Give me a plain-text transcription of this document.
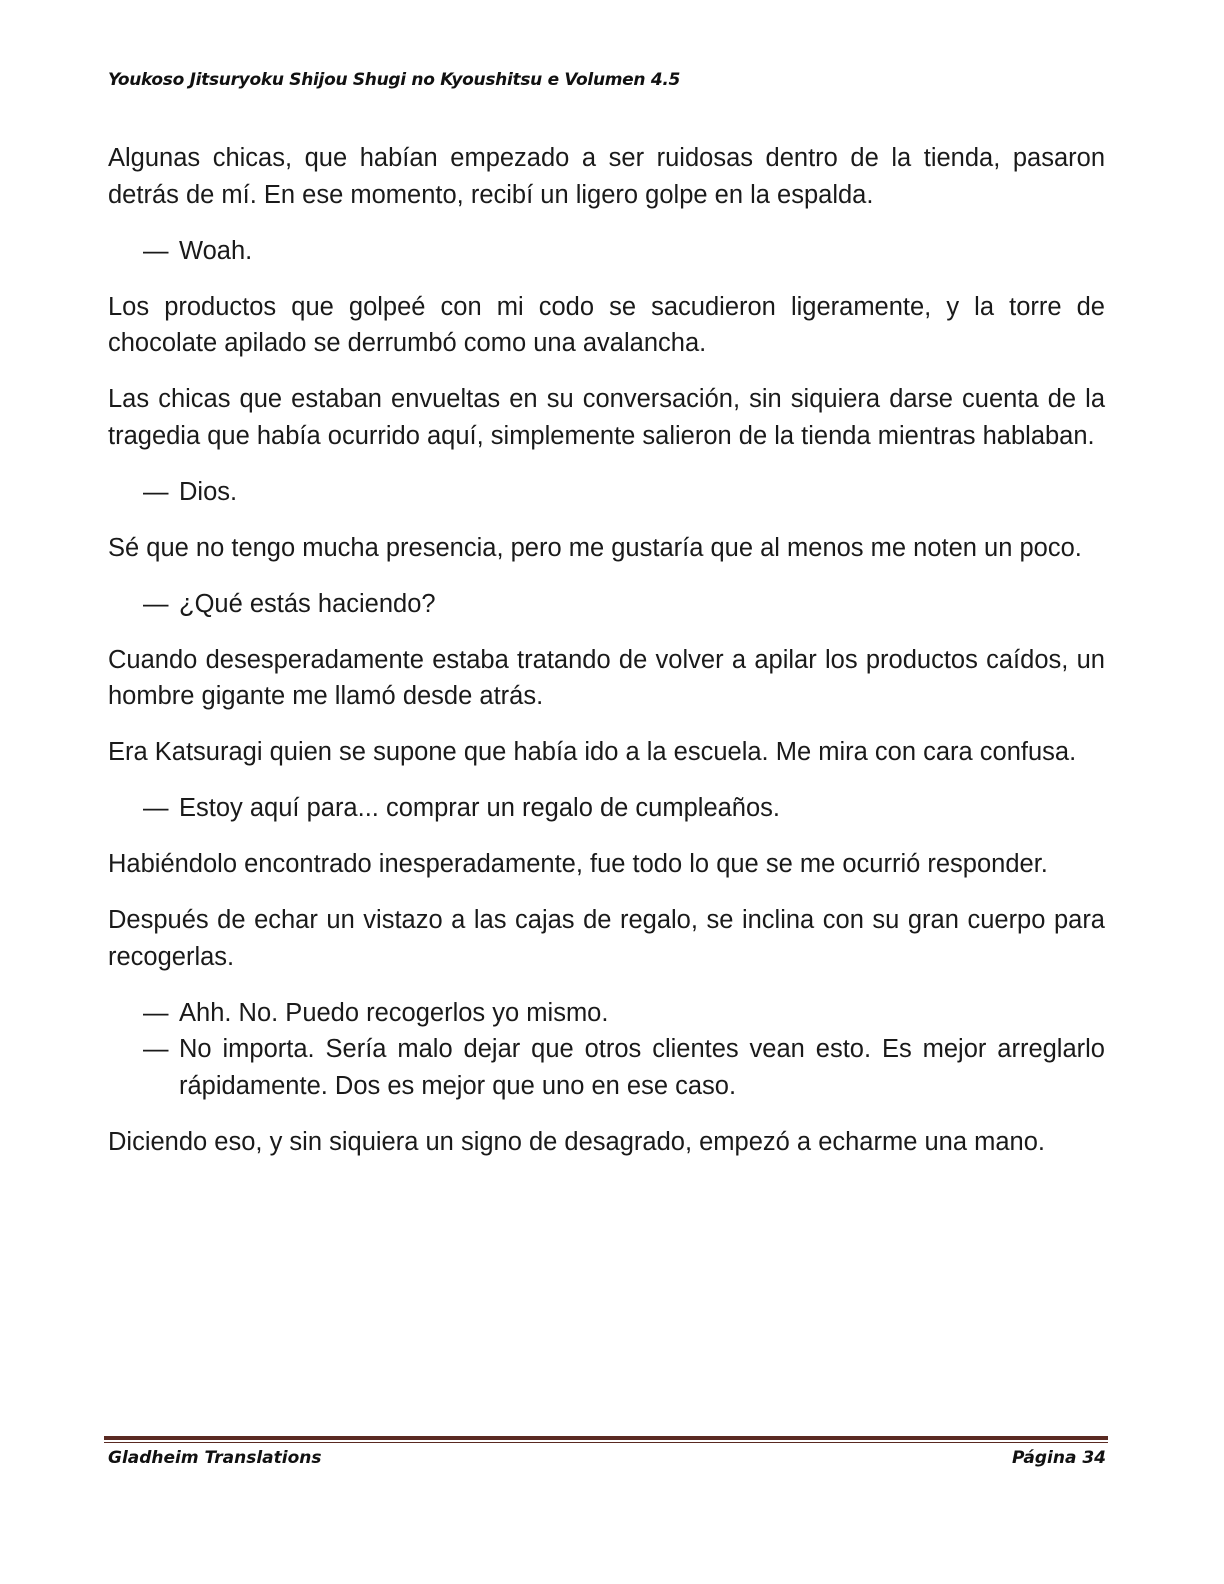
Youkoso Jitsuryoku Shijou Shugi no Kyoushitsu e Volumen 4.5

Algunas chicas, que habían empezado a ser ruidosas dentro de la tienda, pasaron detrás de mí. En ese momento, recibí un ligero golpe en la espalda.

— Woah.

Los productos que golpeé con mi codo se sacudieron ligeramente, y la torre de chocolate apilado se derrumbó como una avalancha.

Las chicas que estaban envueltas en su conversación, sin siquiera darse cuenta de la tragedia que había ocurrido aquí, simplemente salieron de la tienda mientras hablaban.

— Dios.

Sé que no tengo mucha presencia, pero me gustaría que al menos me noten un poco.

— ¿Qué estás haciendo?

Cuando desesperadamente estaba tratando de volver a apilar los productos caídos, un hombre gigante me llamó desde atrás.

Era Katsuragi quien se supone que había ido a la escuela. Me mira con cara confusa.

— Estoy aquí para... comprar un regalo de cumpleaños.

Habiéndolo encontrado inesperadamente, fue todo lo que se me ocurrió responder.

Después de echar un vistazo a las cajas de regalo, se inclina con su gran cuerpo para recogerlas.

— Ahh. No. Puedo recogerlos yo mismo.

— No importa. Sería malo dejar que otros clientes vean esto. Es mejor arreglarlo rápidamente. Dos es mejor que uno en ese caso.

Diciendo eso, y sin siquiera un signo de desagrado, empezó a echarme una mano.

Gladheim Translations	Página 34
